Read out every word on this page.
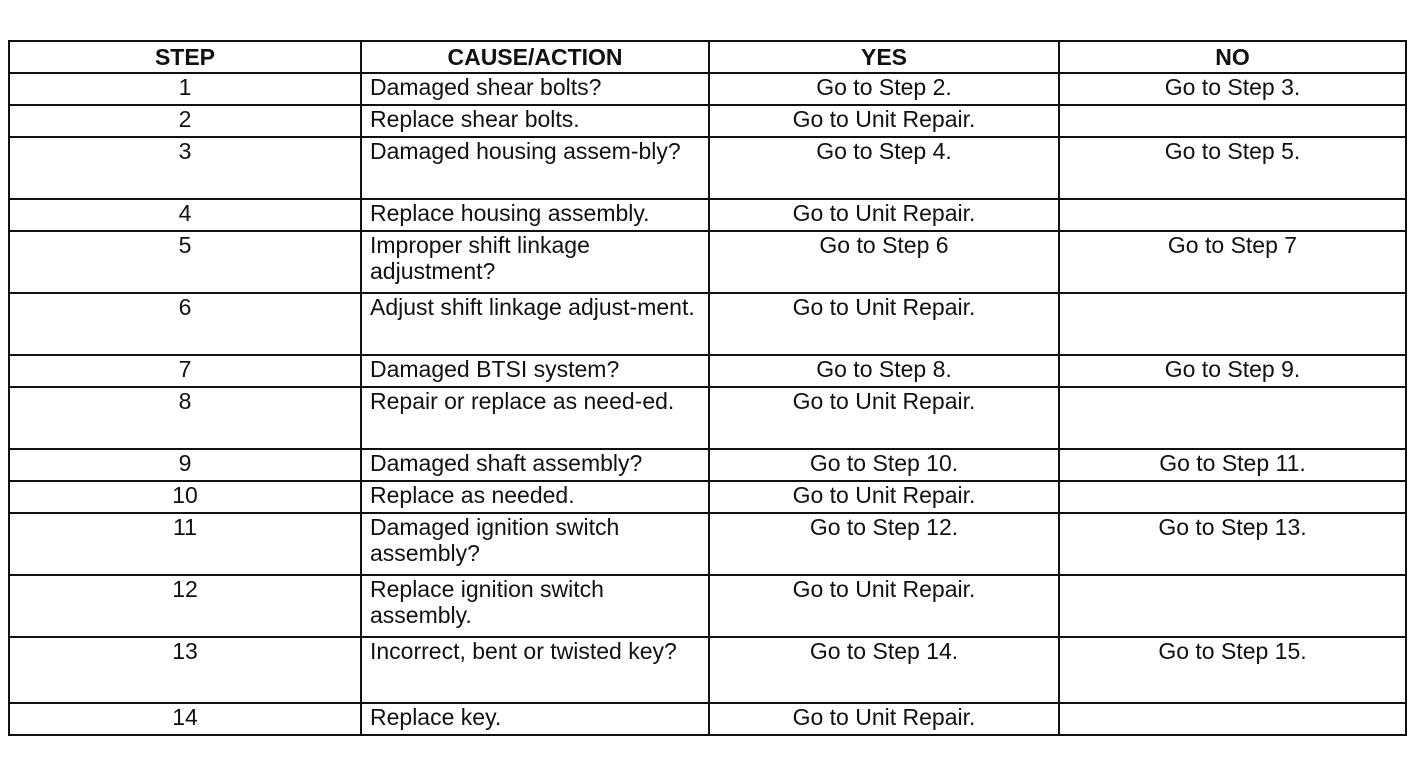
STEP	CAUSE/ACTION	YES	NO
1	Damaged shear bolts?	Go to Step 2.	Go to Step 3.
2	Replace shear bolts.	Go to Unit Repair.	
3	Damaged housing assem-bly?	Go to Step 4.	Go to Step 5.
4	Replace housing assembly.	Go to Unit Repair.	
5	Improper shift linkage adjustment?	Go to Step 6	Go to Step 7
6	Adjust shift linkage adjust-ment.	Go to Unit Repair.	
7	Damaged BTSI system?	Go to Step 8.	Go to Step 9.
8	Repair or replace as need-ed.	Go to Unit Repair.	
9	Damaged shaft assembly?	Go to Step 10.	Go to Step 11.
10	Replace as needed.	Go to Unit Repair.	
11	Damaged ignition switch assembly?	Go to Step 12.	Go to Step 13.
12	Replace ignition switch assembly.	Go to Unit Repair.	
13	Incorrect, bent or twisted key?	Go to Step 14.	Go to Step 15.
14	Replace key.	Go to Unit Repair.	
